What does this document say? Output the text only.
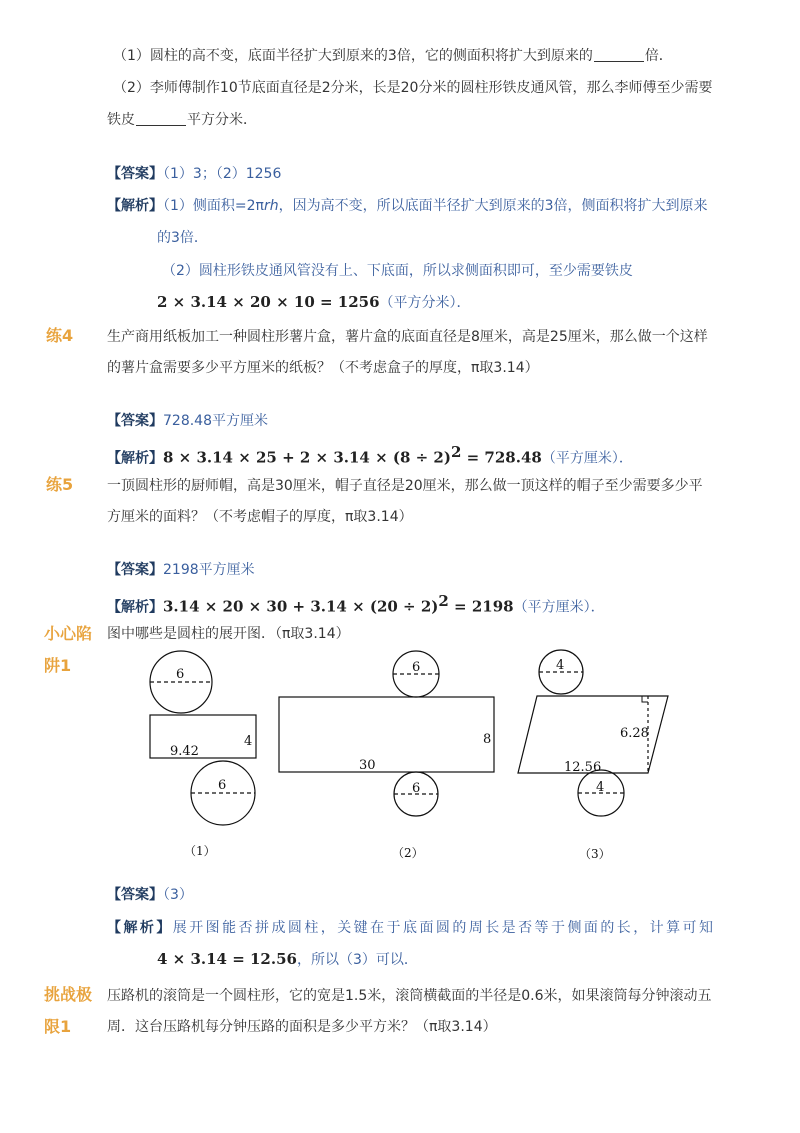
（1）圆柱的高不变，底面半径扩大到原来的3倍，它的侧面积将扩大到原来的	倍．
（2）李师傅制作10节底面直径是2分米，长是20分米的圆柱形铁皮通风管，那么李师傅至少需要
铁皮	平方分米．
【答案】（1）3；（2）1256
【解析】（1）侧面积=2πrh，因为高不变，所以底面半径扩大到原来的3倍，侧面积将扩大到原来
的3倍．
（2）圆柱形铁皮通风管没有上、下底面，所以求侧面积即可，至少需要铁皮
2 × 3.14 × 20 × 10 = 1256（平方分米）．
练4 生产商用纸板加工一种圆柱形薯片盒，薯片盒的底面直径是8厘米，高是25厘米，那么做一个这样
的薯片盒需要多少平方厘米的纸板？（不考虑盒子的厚度，π取3.14）
【答案】728.48平方厘米
【解析】$8 \times 3.14 \times 25 + 2 \times 3.14 \times (8 \div 2)^2 = 728.48$（平方厘米）．
练5 一顶圆柱形的厨师帽，高是30厘米，帽子直径是20厘米，那么做一顶这样的帽子至少需要多少平
方厘米的面料？（不考虑帽子的厚度，π取3.14）
【答案】2198平方厘米
【解析】$3.14 \times 20 \times 30 + 3.14 \times (20 \div 2)^2 = 2198$（平方厘米）．
小心陷
阱1
图中哪些是圆柱的展开图．（π取3.14）
6
9.42
4
6
（1）
6
8
30
6
（2）
4
6.28
12.56
4
（3）
【答案】（3）
【解析】展开图能否拼成圆柱，关键在于底面圆的周长是否等于侧面的长，计算可知
4 × 3.14 = 12.56，所以（3）可以．
挑战极
限1
压路机的滚筒是一个圆柱形，它的宽是1.5米，滚筒横截面的半径是0.6米，如果滚筒每分钟滚动五
周．这台压路机每分钟压路的面积是多少平方米？（π取3.14）
